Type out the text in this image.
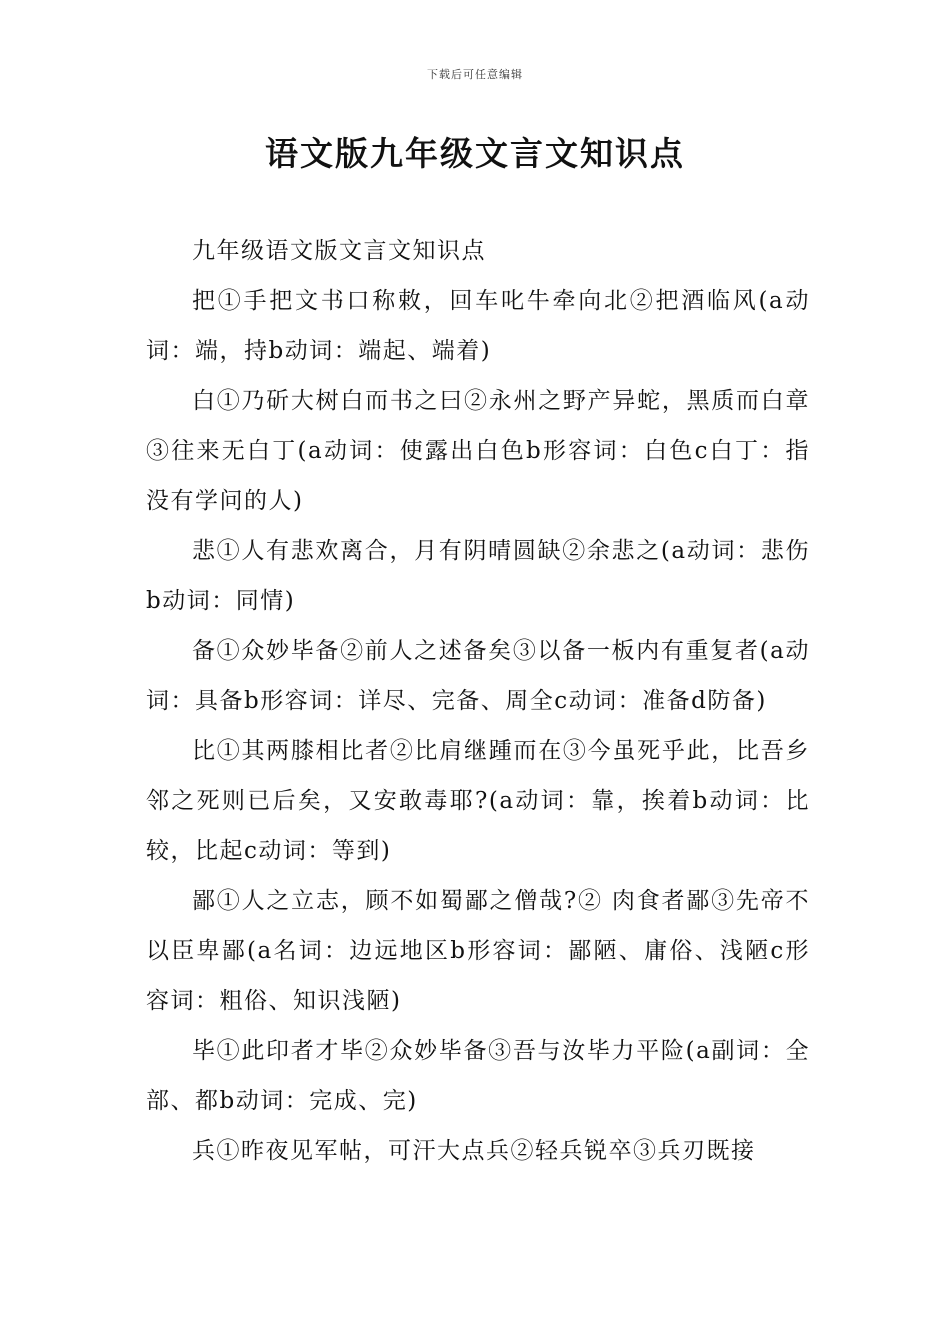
下载后可任意编辑
语文版九年级文言文知识点

九年级语文版文言文知识点

把①手把文书口称敕，回车叱牛牵向北②把酒临风(a动词：端，持b动词：端起、端着)

白①乃斫大树白而书之曰②永州之野产异蛇，黑质而白章③往来无白丁(a动词：使露出白色b形容词：白色c白丁：指没有学问的人)

悲①人有悲欢离合，月有阴晴圆缺②余悲之(a动词：悲伤b动词：同情)

备①众妙毕备②前人之述备矣③以备一板内有重复者(a动词：具备b形容词：详尽、完备、周全c动词：准备d防备)

比①其两膝相比者②比肩继踵而在③今虽死乎此，比吾乡邻之死则已后矣，又安敢毒耶?(a动词：靠，挨着b动词：比较，比起c动词：等到)

鄙①人之立志，顾不如蜀鄙之僧哉?② 肉食者鄙③先帝不以臣卑鄙(a名词：边远地区b形容词：鄙陋、庸俗、浅陋c形容词：粗俗、知识浅陋)

毕①此印者才毕②众妙毕备③吾与汝毕力平险(a副词：全部、都b动词：完成、完)

兵①昨夜见军帖，可汗大点兵②轻兵锐卒③兵刃既接
